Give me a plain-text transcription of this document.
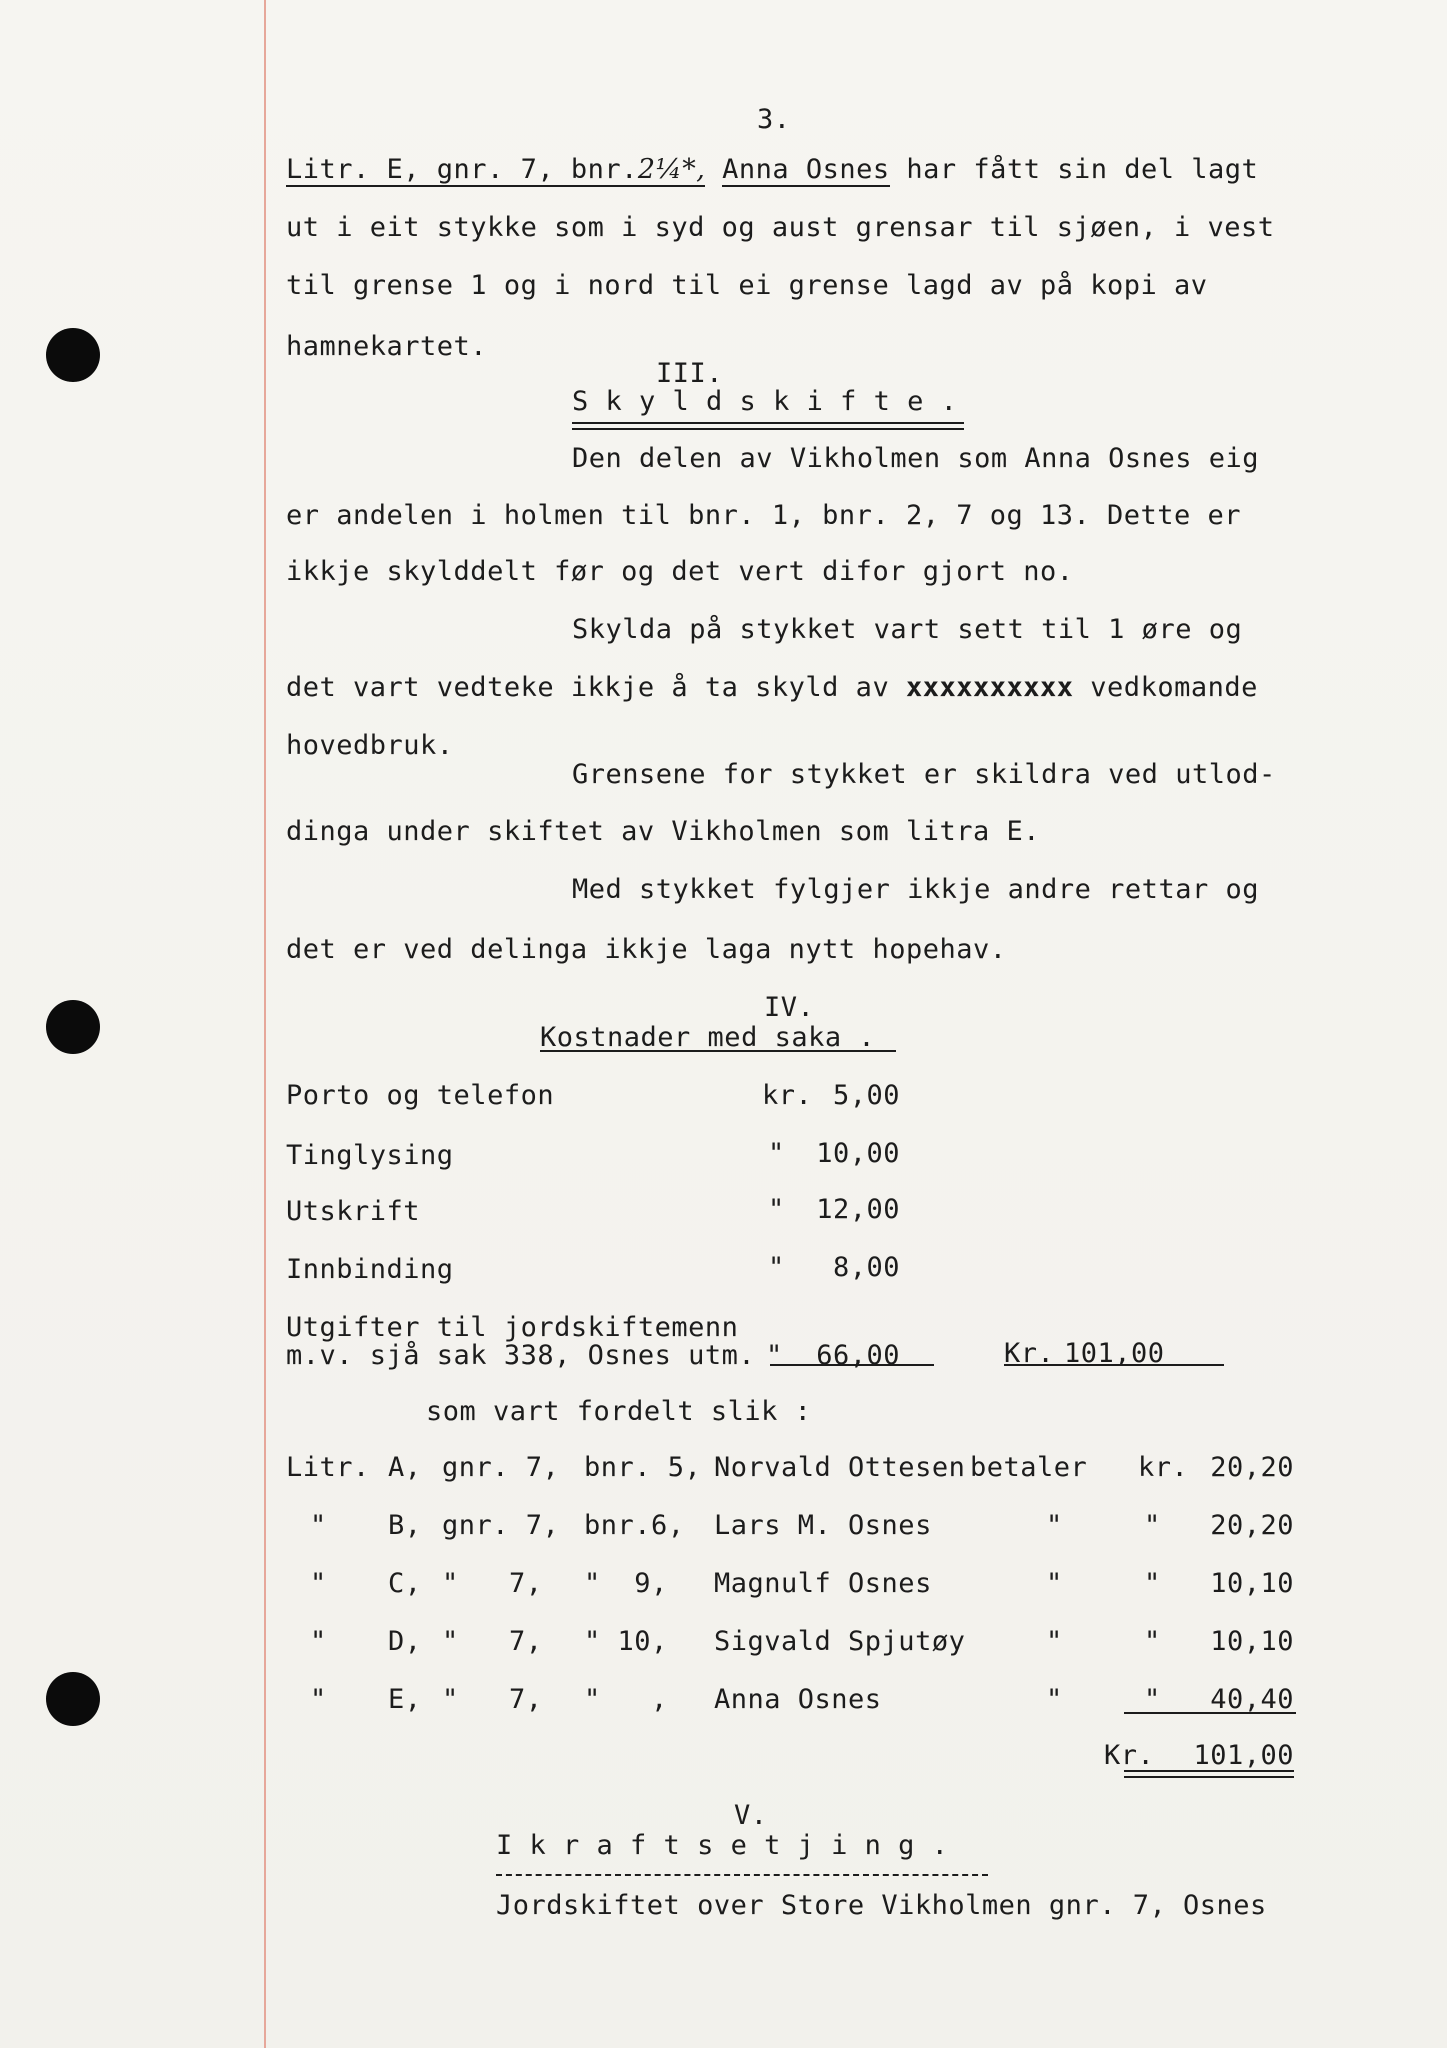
3.
Litr. E, gnr. 7, bnr.2¼*, Anna Osnes har fått sin del lagt
ut i eit stykke som i syd og aust grensar til sjøen, i vest
til grense 1 og i nord til ei grense lagd av på kopi av
hamnekartet.
III.
S k y l d s k i f t e .
Den delen av Vikholmen som Anna Osnes eig
er andelen i holmen til bnr. 1, bnr. 2, 7 og 13. Dette er
ikkje skylddelt før og det vert difor gjort no.
Skylda på stykket vart sett til 1 øre og
det vart vedteke ikkje å ta skyld av xxxxxxxxxx vedkomande
hovedbruk.
Grensene for stykket er skildra ved utlod-
dinga under skiftet av Vikholmen som litra E.
Med stykket fylgjer ikkje andre rettar og
det er ved delinga ikkje laga nytt hopehav.
IV.
Kostnader med saka .
Porto og telefon	kr. 5,00
Tinglysing	"	10,00
Utskrift	"	12,00
Innbinding	"	8,00
Utgifter til jordskiftemenn
m.v. sjå sak 338, Osnes utm. "	66,00	Kr. 101,00
som vart fordelt slik :
Litr. A, gnr. 7, bnr. 5, Norvald Ottesen betaler kr. 20,20
" B, gnr. 7, bnr.6, Lars M. Osnes	"	"	20,20
" C, "   7, "  9, Magnulf Osnes	"	"	10,10
" D, "   7, " 10, Sigvald Spjutøy	"	"	10,10
" E, "   7, "   , Anna Osnes	"	"	40,40
Kr. 101,00
V.
I k r a f t s e t j i n g .
Jordskiftet over Store Vikholmen gnr. 7, Osnes
